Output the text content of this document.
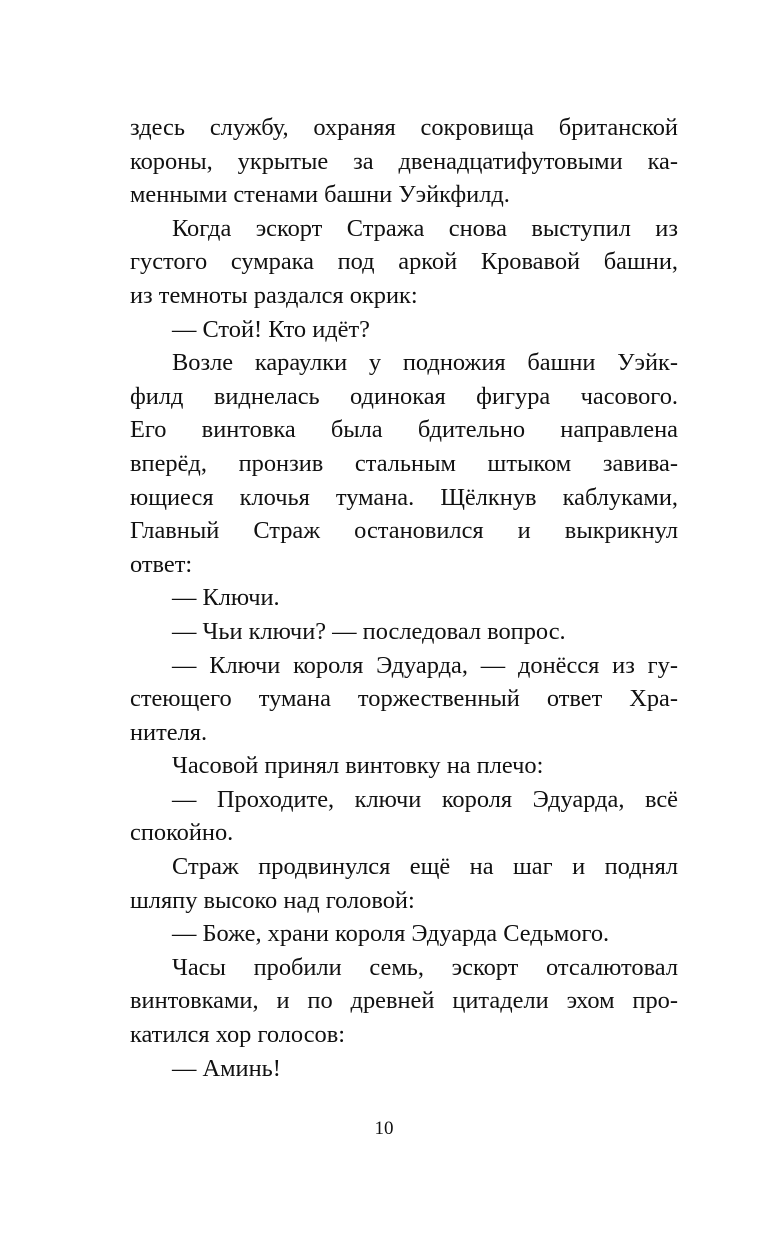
здесь службу, охраняя сокровища британской
короны, укрытые за двенадцатифутовыми ка-
менными стенами башни Уэйкфилд.
Когда эскорт Стража снова выступил из
густого сумрака под аркой Кровавой башни,
из темноты раздался окрик:
— Стой! Кто идёт?
Возле караулки у подножия башни Уэйк-
филд виднелась одинокая фигура часового.
Его винтовка была бдительно направлена
вперёд, пронзив стальным штыком завива-
ющиеся клочья тумана. Щёлкнув каблуками,
Главный Страж остановился и выкрикнул
ответ:
— Ключи.
— Чьи ключи? — последовал вопрос.
— Ключи короля Эдуарда, — донёсся из гу-
стеющего тумана торжественный ответ Хра-
нителя.
Часовой принял винтовку на плечо:
— Проходите, ключи короля Эдуарда, всё
спокойно.
Страж продвинулся ещё на шаг и поднял
шляпу высоко над головой:
— Боже, храни короля Эдуарда Седьмого.
Часы пробили семь, эскорт отсалютовал
винтовками, и по древней цитадели эхом про-
катился хор голосов:
— Аминь!
10
